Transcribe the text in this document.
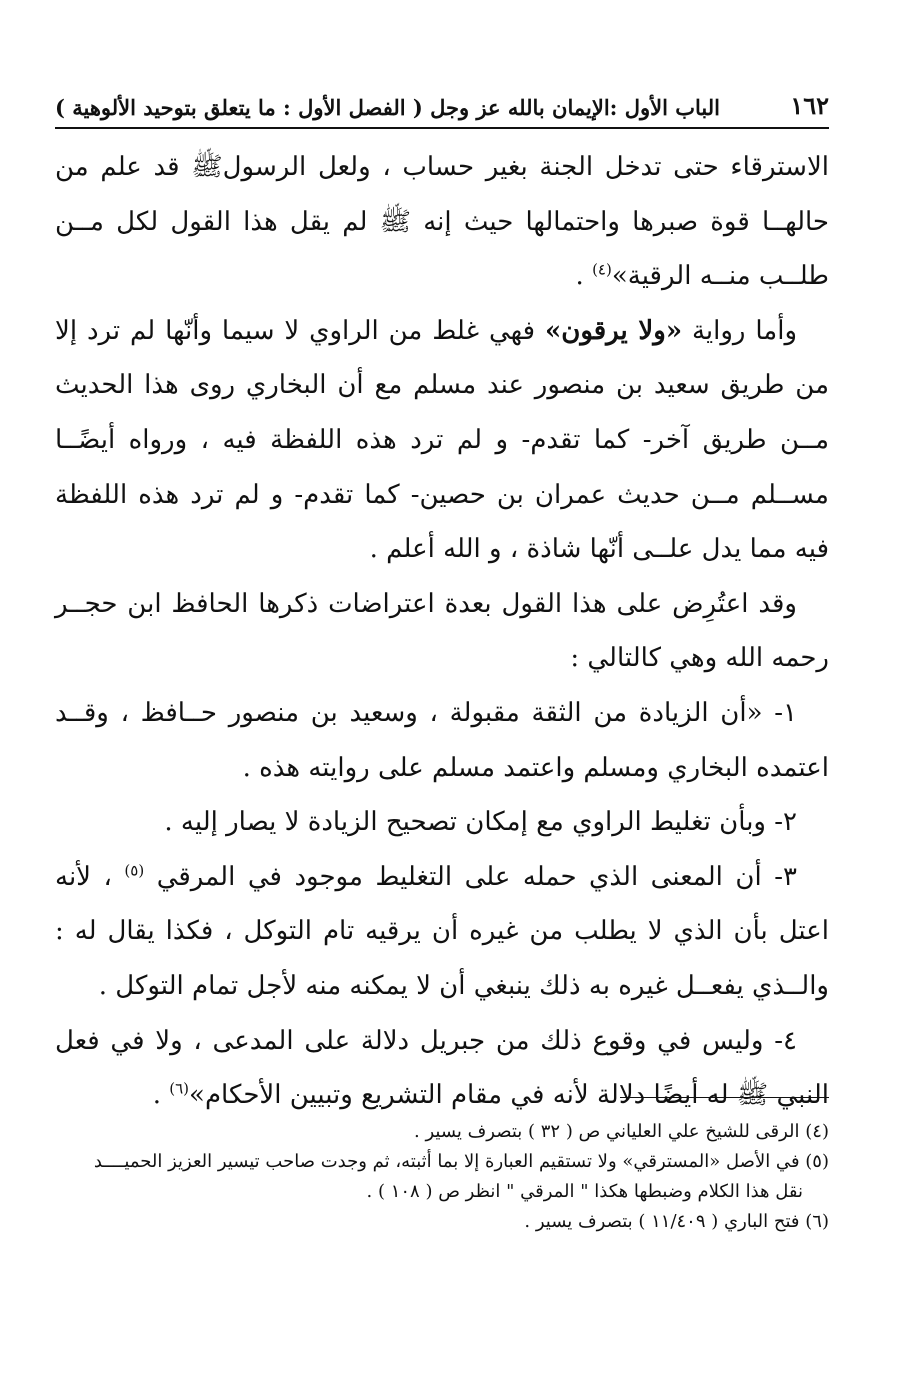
١٦٢
الباب الأول :الإيمان بالله عز وجل ( الفصل الأول : ما يتعلق بتوحيد الألوهية )

الاسترقاء حتى تدخل الجنة بغير حساب ، ولعل الرسولﷺ قد علم من حالهــا قوة صبرها واحتمالها حيث إنه ﷺ لم يقل هذا القول لكل مــن طلــب منــه الرقية»$^{(٤)}$ .

وأما رواية «ولا يرقون» فهي غلط من الراوي لا سيما وأنّها لم ترد إلا من طريق سعيد بن منصور عند مسلم مع أن البخاري روى هذا الحديث مــن طريق آخر- كما تقدم- و لم ترد هذه اللفظة فيه ، ورواه أيضًــا مســلم مــن حديث عمران بن حصين- كما تقدم- و لم ترد هذه اللفظة فيه مما يدل علــى أنّها شاذة ، و الله أعلم .

وقد اعتُرِض على هذا القول بعدة اعتراضات ذكرها الحافظ ابن حجــر رحمه الله وهي كالتالي :

١- «أن الزيادة من الثقة مقبولة ، وسعيد بن منصور حــافظ ، وقــد اعتمده البخاري ومسلم واعتمد مسلم على روايته هذه .

٢- وبأن تغليط الراوي مع إمكان تصحيح الزيادة لا يصار إليه .

٣- أن المعنى الذي حمله على التغليط موجود في المرقي $^{(٥)}$ ، لأنه اعتل بأن الذي لا يطلب من غيره أن يرقيه تام التوكل ، فكذا يقال له : والــذي يفعــل غيره به ذلك ينبغي أن لا يمكنه منه لأجل تمام التوكل .

٤- وليس في وقوع ذلك من جبريل دلالة على المدعى ، ولا في فعل النبي ﷺ له أيضًا دلالة لأنه في مقام التشريع وتبيين الأحكام»$^{(٦)}$ .

(٤) الرقى للشيخ علي العلياني ص ( ٣٢ ) بتصرف يسير .

(٥) في الأصل «المسترقي» ولا تستقيم العبارة إلا بما أثبته، ثم وجدت صاحب تيسير العزيز الحميــــد

نقل هذا الكلام وضبطها هكذا " المرقي " انظر ص ( ١٠٨ ) .

(٦) فتح الباري ( ١١/٤٠٩ ) بتصرف يسير .
